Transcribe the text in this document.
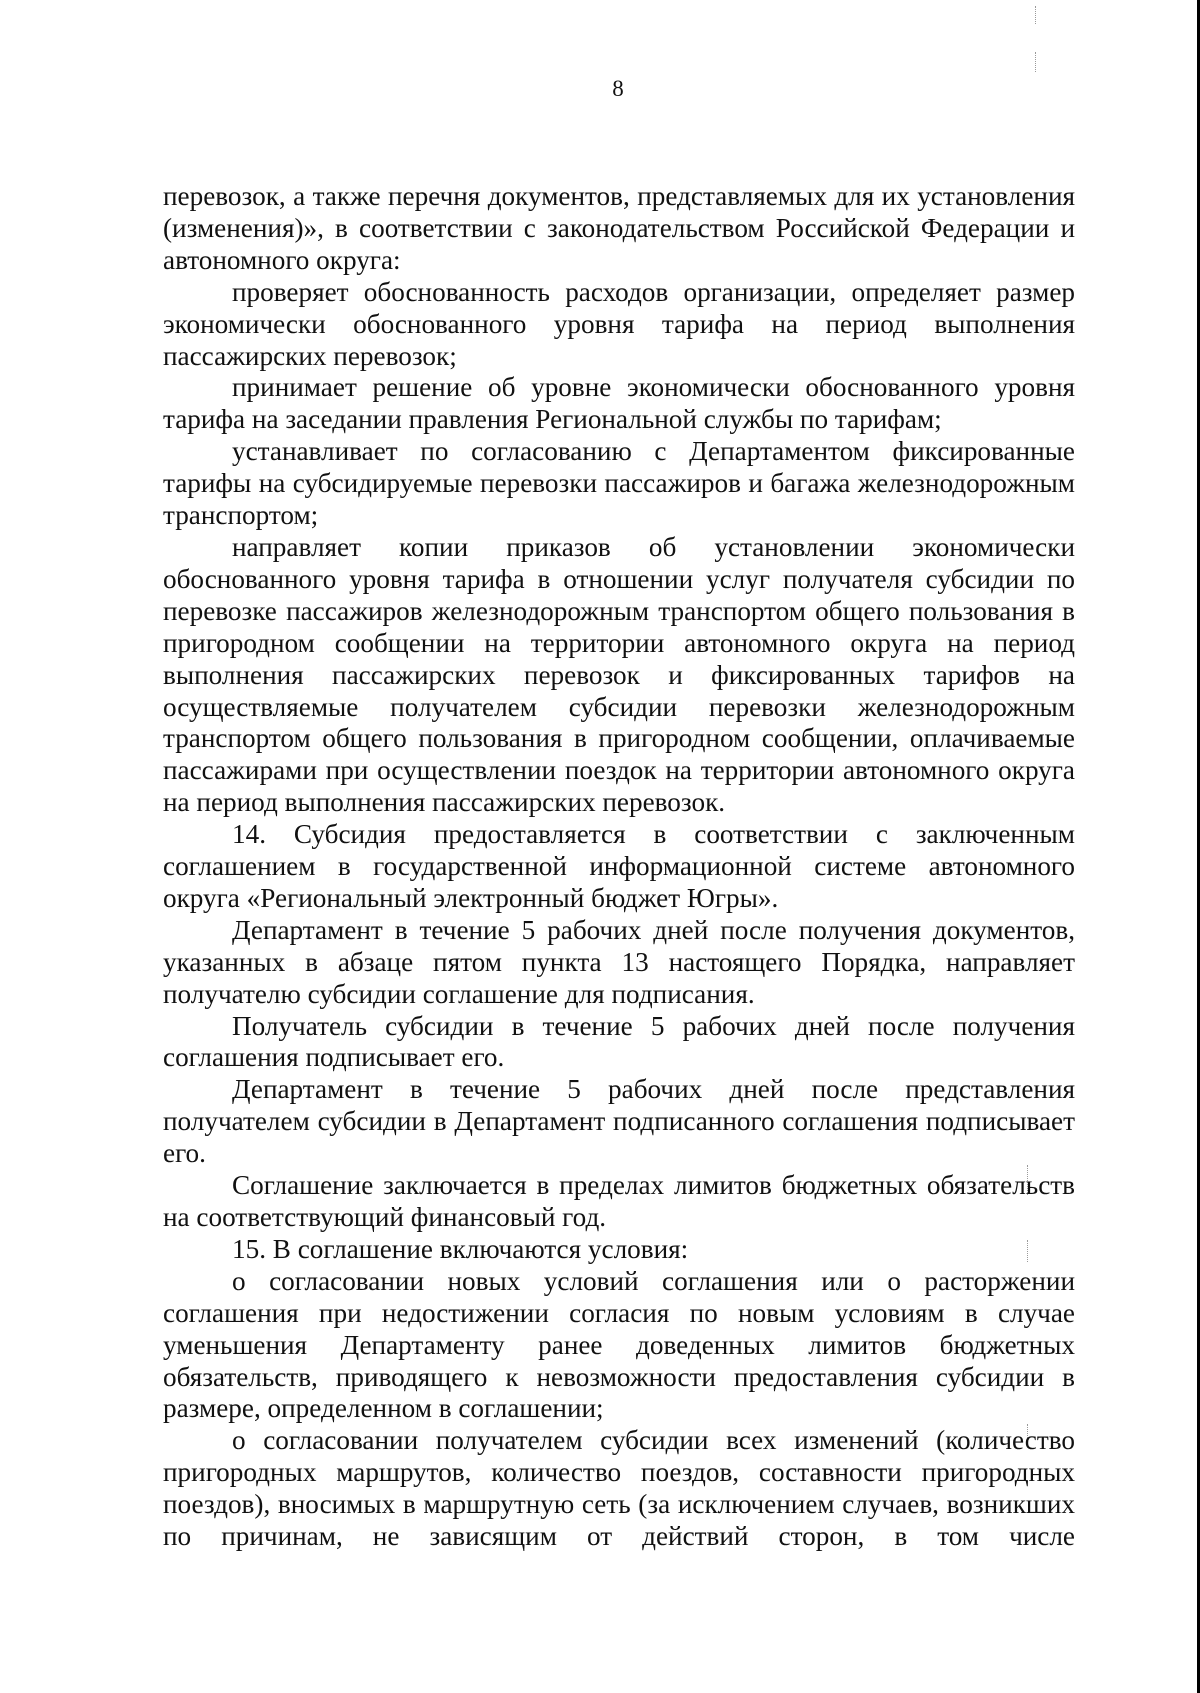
8

перевозок, а также перечня документов, представляемых для их установления (изменения)», в соответствии с законодательством Российской Федерации и автономного округа:

проверяет обоснованность расходов организации, определяет размер экономически обоснованного уровня тарифа на период выполнения пассажирских перевозок;

принимает решение об уровне экономически обоснованного уровня тарифа на заседании правления Региональной службы по тарифам;

устанавливает по согласованию с Департаментом фиксированные тарифы на субсидируемые перевозки пассажиров и багажа железнодорожным транспортом;

направляет копии приказов об установлении экономически обоснованного уровня тарифа в отношении услуг получателя субсидии по перевозке пассажиров железнодорожным транспортом общего пользования в пригородном сообщении на территории автономного округа на период выполнения пассажирских перевозок и фиксированных тарифов на осуществляемые получателем субсидии перевозки железнодорожным транспортом общего пользования в пригородном сообщении, оплачиваемые пассажирами при осуществлении поездок на территории автономного округа на период выполнения пассажирских перевозок.

14. Субсидия предоставляется в соответствии с заключенным соглашением в государственной информационной системе автономного округа «Региональный электронный бюджет Югры».

Департамент в течение 5 рабочих дней после получения документов, указанных в абзаце пятом пункта 13 настоящего Порядка, направляет получателю субсидии соглашение для подписания.

Получатель субсидии в течение 5 рабочих дней после получения соглашения подписывает его.

Департамент в течение 5 рабочих дней после представления получателем субсидии в Департамент подписанного соглашения подписывает его.

Соглашение заключается в пределах лимитов бюджетных обязательств на соответствующий финансовый год.

15. В соглашение включаются условия:

о согласовании новых условий соглашения или о расторжении соглашения при недостижении согласия по новым условиям в случае уменьшения Департаменту ранее доведенных лимитов бюджетных обязательств, приводящего к невозможности предоставления субсидии в размере, определенном в соглашении;

о согласовании получателем субсидии всех изменений (количество пригородных маршрутов, количество поездов, составности пригородных поездов), вносимых в маршрутную сеть (за исключением случаев, возникших по причинам, не зависящим от действий сторон, в том числе
